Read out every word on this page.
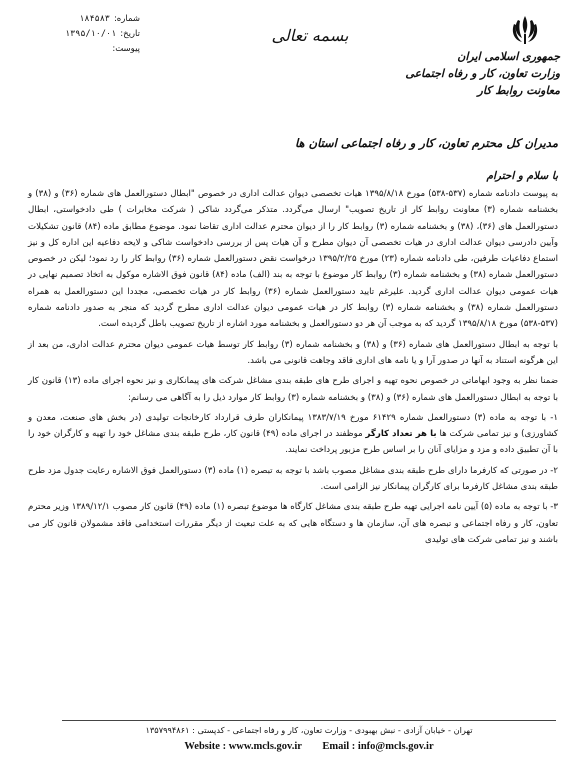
شماره:
۱۸۴۵۸۳
تاریخ:
۱۳۹۵/۱۰/۰۱
پیوست:
بسمه تعالی
جمهوری اسلامی ایران
وزارت تعاون، کار و رفاه اجتماعی
معاونت روابط کار
مدیران کل محترم تعاون، کار و رفاه اجتماعی استان ها
با سلام و احترام

به پیوست دادنامه شماره (۵۳۷-۵۳۸) مورخ ۱۳۹۵/۸/۱۸ هیات تخصصی دیوان عدالت اداری در خصوص "ابطال دستورالعمل های شماره (۳۶) و (۳۸) و بخشنامه شماره (۳) معاونت روابط کار از تاریخ تصویب" ارسال می‌گردد. متذکر می‌گردد شاکی ( شرکت مخابرات ) طی دادخواستی، ابطال دستورالعمل های (۳۶)، (۳۸) و بخشنامه شماره (۳) روابط کار را از دیوان محترم عدالت اداری تقاضا نمود. موضوع مطابق ماده (۸۴) قانون تشکیلات وآیین دادرسی دیوان عدالت اداری در هیات تخصصی آن دیوان مطرح و آن هیات پس از بررسی دادخواست شاکی و لایحه دفاعیه این اداره کل و نیز استماع دفاعیات طرفین، طی دادنامه شماره (۲۳) مورخ ۱۳۹۵/۲/۲۵ درخواست نقض دستورالعمل شماره (۳۶) روابط کار را رد نمود؛ لیکن در خصوص دستورالعمل شماره (۳۸) و بخشنامه شماره (۳) روابط کار موضوع با توجه به بند (الف) ماده (۸۴) قانون فوق الاشاره موکول به اتخاذ تصمیم نهایی در هیات عمومی دیوان عدالت اداری گردید. علیرغم تایید دستورالعمل شماره (۳۶) روابط کار در هیات تخصصی، مجددا این دستورالعمل به همراه دستورالعمل شماره (۳۸) و بخشنامه شماره (۳) روابط کار در هیات عمومی دیوان عدالت اداری مطرح گردید که منجر به صدور دادنامه شماره (۵۳۷-۵۳۸) مورخ ۱۳۹۵/۸/۱۸ گردید که به موجب آن هر دو دستورالعمل و بخشنامه مورد اشاره از تاریخ تصویب باطل گردیده است.

با توجه به ابطال دستورالعمل های شماره (۳۶) و (۳۸) و بخشنامه شماره (۳) روابط کار توسط هیات عمومی دیوان محترم عدالت اداری، من بعد از این هرگونه استناد به آنها در صدور آرا و یا نامه های اداری فاقد وجاهت قانونی می باشد.

ضمنا نظر به وجود ابهاماتی در خصوص نحوه تهیه و اجرای طرح های طبقه بندی مشاغل شرکت های پیمانکاری و نیز نحوه اجرای ماده (۱۳) قانون کار با توجه به ابطال دستورالعمل های شماره (۳۶) و (۳۸) و بخشنامه شماره (۳) روابط کار موارد ذیل را به آگاهی می رسانم:

۱- با توجه به ماده (۳) دستورالعمل شماره ۶۱۴۲۹ مورخ ۱۳۸۳/۷/۱۹ پیمانکاران طرف قرارداد کارخانجات تولیدی (در بخش های صنعت، معدن و کشاورزی) و نیز تمامی شرکت ها با هر تعداد کارگر موظفند در اجرای ماده (۴۹) قانون کار، طرح طبقه بندی مشاغل خود را تهیه و کارگران خود را با آن تطبیق داده و مزد و مزایای آنان را بر اساس طرح مزبور پرداخت نمایند.

۲- در صورتی که کارفرما دارای طرح طبقه بندی مشاغل مصوب باشد با توجه به تبصره (۱) ماده (۳) دستورالعمل فوق الاشاره رعایت جدول مزد طرح طبقه بندی مشاغل کارفرما برای کارگران پیمانکار نیز الزامی است.

۳- با توجه به ماده (۵) آیین نامه اجرایی تهیه طرح طبقه بندی مشاغل کارگاه ها موضوع تبصره (۱) ماده (۴۹) قانون کار مصوب ۱۳۸۹/۱۲/۱ وزیر محترم تعاون، کار و رفاه اجتماعی و تبصره های آن، سازمان ها و دستگاه هایی که به علت تبعیت از دیگر مقررات استخدامی فاقد مشمولان قانون کار می باشند و نیز تمامی شرکت های تولیدی

تهران - خیابان آزادی - نبش بهبودی - وزارت تعاون، کار و رفاه اجتماعی - کدپستی : ۱۳۵۷۹۹۴۸۶۱
Website : www.mcls.gov.ir Email : info@mcls.gov.ir
